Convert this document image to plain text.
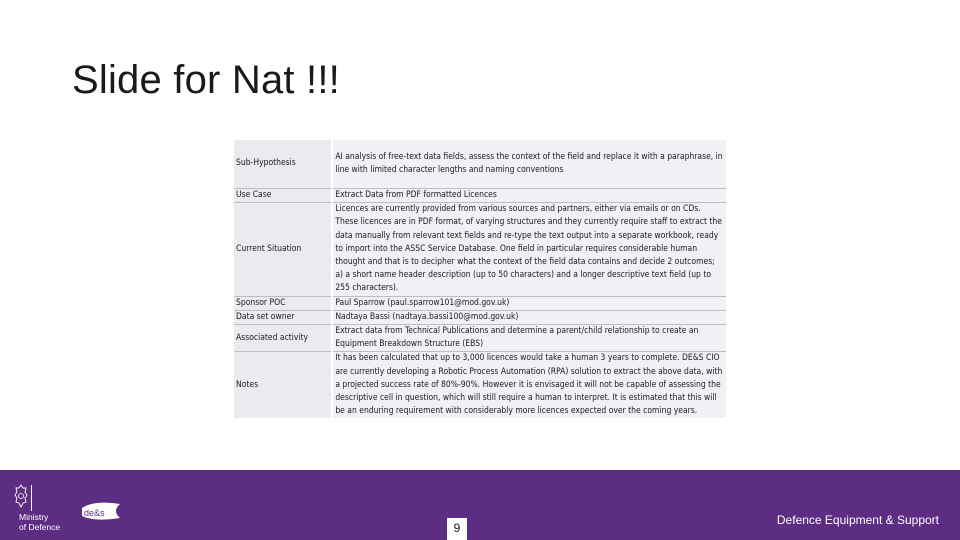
Slide for Nat !!!
Sub-Hypothesis		AI analysis of free-text data fields, assess the context of the field and replace it with a paraphrase, in line with limited character lengths and naming conventions
Use Case		Extract Data from PDF formatted Licences
Current Situation		Licences are currently provided from various sources and partners, either via emails or on CDs. These licences are in PDF format, of varying structures and they currently require staff to extract the data manually from relevant text fields and re-type the text output into a separate workbook, ready to import into the ASSC Service Database. One field in particular requires considerable human thought and that is to decipher what the context of the field data contains and decide 2 outcomes; a) a short name header description (up to 50 characters) and a longer descriptive text field (up to 255 characters).
Sponsor POC		Paul Sparrow (paul.sparrow101@mod.gov.uk)
Data set owner		Nadtaya Bassi (nadtaya.bassi100@mod.gov.uk)
Associated activity		Extract data from Technical Publications and determine a parent/child relationship to create an Equipment Breakdown Structure (EBS)
Notes		It has been calculated that up to 3,000 licences would take a human 3 years to complete. DE&S CIO are currently developing a Robotic Process Automation (RPA) solution to extract the above data, with a projected success rate of 80%-90%. However it is envisaged it will not be capable of assessing the descriptive cell in question, which will still require a human to interpret. It is estimated that this will be an enduring requirement with considerably more licences expected over the coming years.
Ministry
of Defence
de&s
9
Defence Equipment & Support
